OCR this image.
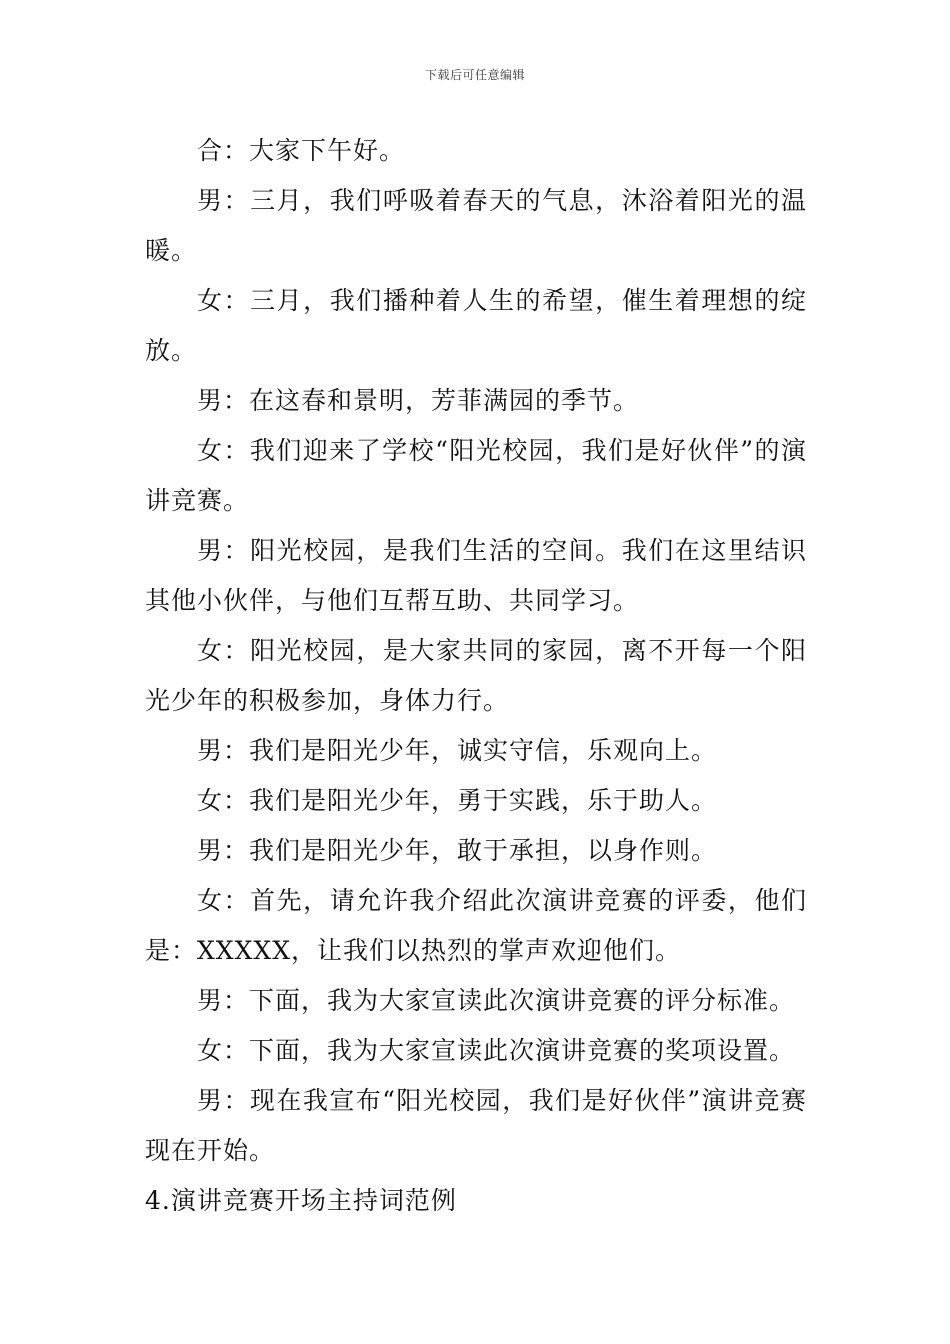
下载后可任意编辑

合：大家下午好。

男：三月，我们呼吸着春天的气息，沐浴着阳光的温暖。

女：三月，我们播种着人生的希望，催生着理想的绽放。

男：在这春和景明，芳菲满园的季节。

女：我们迎来了学校“阳光校园，我们是好伙伴”的演讲竞赛。

男：阳光校园，是我们生活的空间。我们在这里结识其他小伙伴，与他们互帮互助、共同学习。

女：阳光校园，是大家共同的家园，离不开每一个阳光少年的积极参加，身体力行。

男：我们是阳光少年，诚实守信，乐观向上。

女：我们是阳光少年，勇于实践，乐于助人。

男：我们是阳光少年，敢于承担，以身作则。

女：首先，请允许我介绍此次演讲竞赛的评委，他们是：XXXXX，让我们以热烈的掌声欢迎他们。

男：下面，我为大家宣读此次演讲竞赛的评分标准。

女：下面，我为大家宣读此次演讲竞赛的奖项设置。

男：现在我宣布“阳光校园，我们是好伙伴”演讲竞赛现在开始。

4.演讲竞赛开场主持词范例
